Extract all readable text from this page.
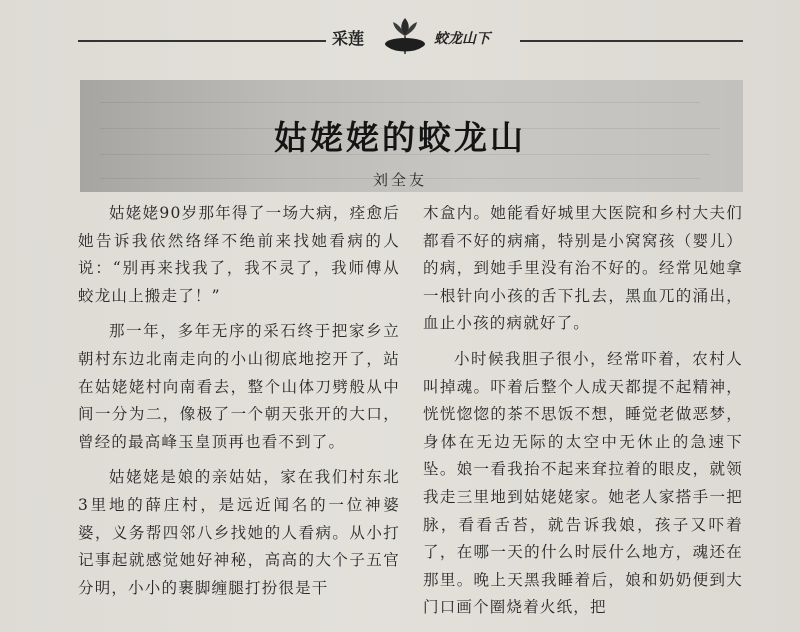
采莲	蛟龙山下
姑姥姥的蛟龙山
刘全友

姑姥姥90岁那年得了一场大病，痊愈后她告诉我依然络绎不绝前来找她看病的人说：“别再来找我了，我不灵了，我师傅从蛟龙山上搬走了！”

那一年，多年无序的采石终于把家乡立朝村东边北南走向的小山彻底地挖开了，站在姑姥姥村向南看去，整个山体刀劈般从中间一分为二，像极了一个朝天张开的大口，曾经的最高峰玉皇顶再也看不到了。

姑姥姥是娘的亲姑姑，家在我们村东北3里地的薛庄村，是远近闻名的一位神婆婆，义务帮四邻八乡找她的人看病。从小打记事起就感觉她好神秘，高高的大个子五官分明，小小的裹脚缠腿打扮很是干

木盒内。她能看好城里大医院和乡村大夫们都看不好的病痛，特别是小窝窝孩（婴儿）的病，到她手里没有治不好的。经常见她拿一根针向小孩的舌下扎去，黑血兀的涌出，血止小孩的病就好了。

小时候我胆子很小，经常吓着，农村人叫掉魂。吓着后整个人成天都提不起精神，恍恍惚惚的茶不思饭不想，睡觉老做恶梦，身体在无边无际的太空中无休止的急速下坠。娘一看我抬不起来耷拉着的眼皮，就领我走三里地到姑姥姥家。她老人家搭手一把脉，看看舌苔，就告诉我娘，孩子又吓着了，在哪一天的什么时辰什么地方，魂还在那里。晚上天黑我睡着后，娘和奶奶便到大门口画个圈烧着火纸，把
